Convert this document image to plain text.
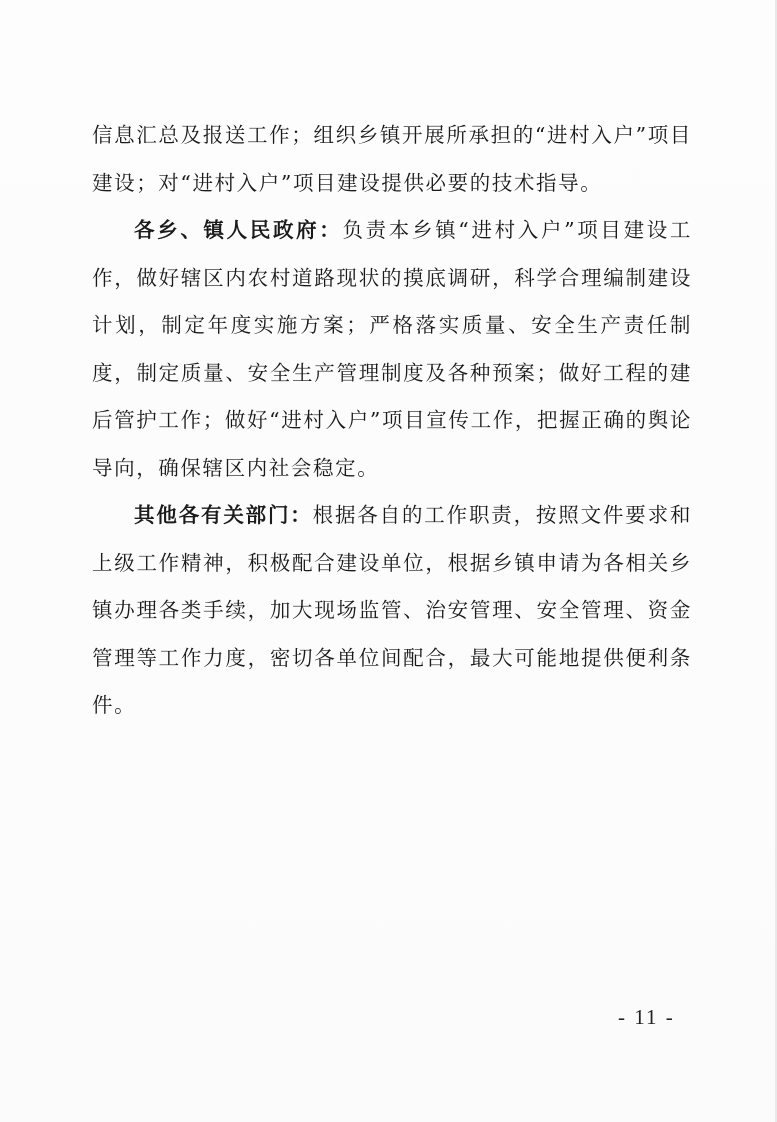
信息汇总及报送工作；组织乡镇开展所承担的“进村入户”项目建设；对“进村入户”项目建设提供必要的技术指导。

各乡、镇人民政府：负责本乡镇“进村入户”项目建设工作，做好辖区内农村道路现状的摸底调研，科学合理编制建设计划，制定年度实施方案；严格落实质量、安全生产责任制度，制定质量、安全生产管理制度及各种预案；做好工程的建后管护工作；做好“进村入户”项目宣传工作，把握正确的舆论导向，确保辖区内社会稳定。

其他各有关部门：根据各自的工作职责，按照文件要求和上级工作精神，积极配合建设单位，根据乡镇申请为各相关乡镇办理各类手续，加大现场监管、治安管理、安全管理、资金管理等工作力度，密切各单位间配合，最大可能地提供便利条件。

- 11 -
